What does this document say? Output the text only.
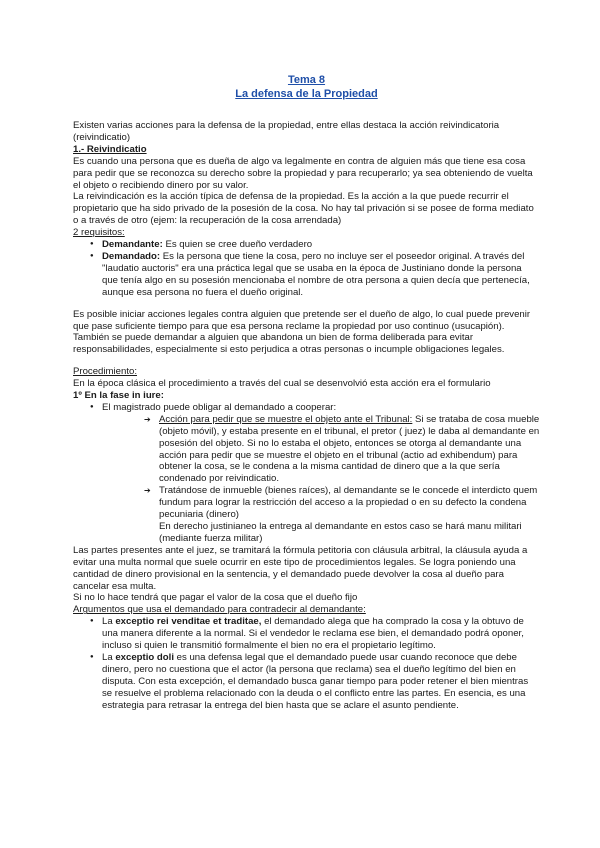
Tema 8
La defensa de la Propiedad

Existen varias acciones para la defensa de la propiedad, entre ellas destaca la acción reivindicatoria (reivindicatio)

1.- Reivindicatio

Es cuando una persona que es dueña de algo va legalmente en contra de alguien más que tiene esa cosa para pedir que se reconozca su derecho sobre la propiedad y para recuperarlo; ya sea obteniendo de vuelta el objeto o recibiendo dinero por su valor.

La reivindicación es la acción típica de defensa de la propiedad. Es la acción a la que puede recurrir el propietario que ha sido privado de la posesión de la cosa. No hay tal privación si se posee de forma mediato o a través de otro (ejem: la recuperación de la cosa arrendada)

2 requisitos:

● Demandante: Es quien se cree dueño verdadero
● Demandado: Es la persona que tiene la cosa, pero no incluye ser el poseedor original. A través del "laudatio auctoris" era una práctica legal que se usaba en la época de Justiniano donde la persona que tenía algo en su posesión mencionaba el nombre de otra persona a quien decía que pertenecía, aunque esa persona no fuera el dueño original.

Es posible iniciar acciones legales contra alguien que pretende ser el dueño de algo, lo cual puede prevenir que pase suficiente tiempo para que esa persona reclame la propiedad por uso continuo (usucapión). También se puede demandar a alguien que abandona un bien de forma deliberada para evitar responsabilidades, especialmente si esto perjudica a otras personas o incumple obligaciones legales.

Procedimiento:

En la época clásica el procedimiento a través del cual se desenvolvió esta acción era el formulario

1º En la fase in iure:

● El magistrado puede obligar al demandado a cooperar:
➔ Acción para pedir que se muestre el objeto ante el Tribunal: Si se trataba de cosa mueble (objeto móvil), y estaba presente en el tribunal, el pretor ( juez) le daba al demandante en posesión del objeto. Si no lo estaba el objeto, entonces se otorga al demandante una acción para pedir que se muestre el objeto en el tribunal (actio ad exhibendum) para obtener la cosa, se le condena a la misma cantidad de dinero que a la que sería condenado por reivindicatio.
➔ Tratándose de inmueble (bienes raíces), al demandante se le concede el interdicto quem fundum para lograr la restricción del acceso a la propiedad o en su defecto la condena pecuniaria (dinero)
En derecho justinianeo la entrega al demandante en estos caso se hará manu militari (mediante fuerza militar)

Las partes presentes ante el juez, se tramitará la fórmula petitoria con cláusula arbitral, la cláusula ayuda a evitar una multa normal que suele ocurrir en este tipo de procedimientos legales. Se logra poniendo una cantidad de dinero provisional en la sentencia, y el demandado puede devolver la cosa al dueño para cancelar esa multa.

Si no lo hace tendrá que pagar el valor de la cosa que el dueño fijo

Argumentos que usa el demandado para contradecir al demandante:

● La exceptio rei venditae et traditae, el demandado alega que ha comprado la cosa y la obtuvo de una manera diferente a la normal. Si el vendedor le reclama ese bien, el demandado podrá oponer, incluso si quien le transmitió formalmente el bien no era el propietario legítimo.
● La exceptio doli es una defensa legal que el demandado puede usar cuando reconoce que debe dinero, pero no cuestiona que el actor (la persona que reclama) sea el dueño legítimo del bien en disputa. Con esta excepción, el demandado busca ganar tiempo para poder retener el bien mientras se resuelve el problema relacionado con la deuda o el conflicto entre las partes. En esencia, es una estrategia para retrasar la entrega del bien hasta que se aclare el asunto pendiente.
